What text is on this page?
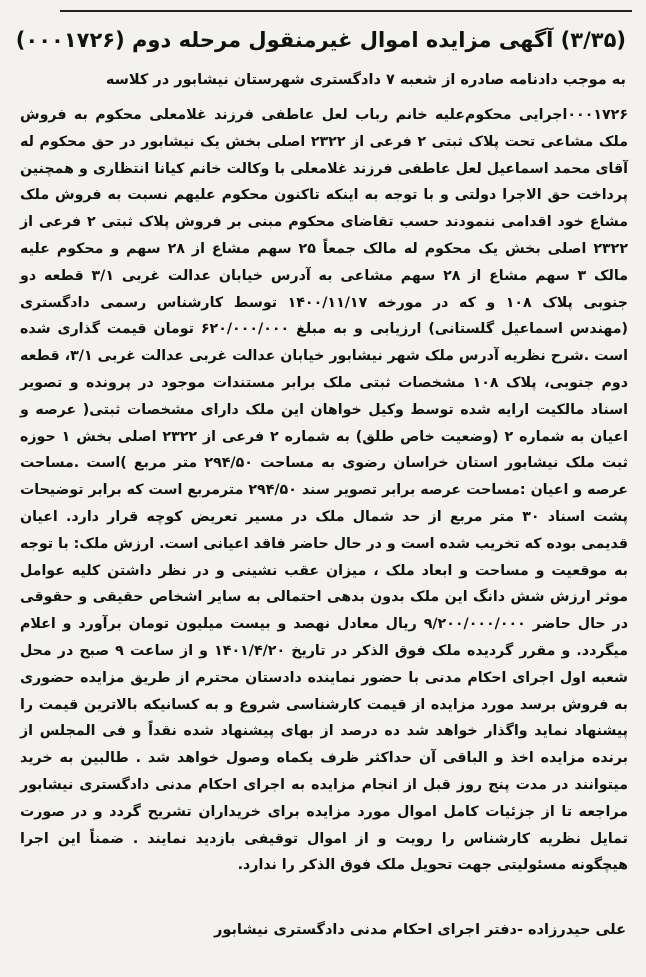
(۳/۳۵) آگهی مزایده اموال غیرمنقول مرحله دوم (۰۰۰۱۷۲۶)
به موجب دادنامه صادره از شعبه ۷ دادگستری شهرستان نیشابور در کلاسه
۰۰۰۱۷۲۶اجرایی محکوم‌علیه خانم رباب لعل عاطفی فرزند غلامعلی محکوم به فروش ملک مشاعی تحت پلاک ثبتی ۲ فرعی از ۲۳۲۲ اصلی بخش یک نیشابور در حق محکوم له آقای محمد اسماعیل لعل عاطفی فرزند غلامعلی با وکالت خانم کیانا انتظاری و همچنین پرداخت حق الاجرا دولتی و با توجه به اینکه تاکنون محکوم علیهم نسبت به فروش ملک مشاع خود اقدامی ننمودند حسب تقاضای محکوم مبنی بر فروش پلاک ثبتی ۲ فرعی از ۲۳۲۲ اصلی بخش یک محکوم له مالک جمعاً ۲۵ سهم مشاع از ۲۸ سهم و محکوم علیه مالک ۳ سهم مشاع از ۲۸ سهم مشاعی به آدرس خیابان عدالت غربی ۳/۱ قطعه دو جنوبی پلاک ۱۰۸ و که در مورخه ۱۴۰۰/۱۱/۱۷ توسط کارشناس رسمی دادگستری (مهندس اسماعیل گلستانی) ارزیابی و به مبلغ ۶۲۰/۰۰۰/۰۰۰ تومان قیمت گذاری شده است .شرح نظریه آدرس ملک شهر نیشابور خیابان عدالت غربی عدالت غربی ۳/۱، قطعه دوم جنوبی، پلاک ۱۰۸ مشخصات ثبتی ملک برابر مستندات موجود در پرونده و تصویر اسناد مالکیت ارایه شده توسط وکیل خواهان این ملک دارای مشخصات ثبتی( عرصه و اعیان به شماره ۲ (وضعیت خاص طلق) به شماره ۲ فرعی از ۲۳۲۲ اصلی بخش ۱ حوزه ثبت ملک نیشابور استان خراسان رضوی به مساحت ۲۹۴/۵۰ متر مربع )است .مساحت عرصه و اعیان :مساحت عرصه برابر تصویر سند ۲۹۴/۵۰ مترمربع است که برابر توضیحات پشت اسناد ۳۰ متر مربع از حد شمال ملک در مسیر تعریض کوچه قرار دارد. اعیان قدیمی بوده که تخریب شده است و در حال حاضر فاقد اعیانی است. ارزش ملک: با توجه به موقعیت و مساحت و ابعاد ملک ، میزان عقب نشینی و در نظر داشتن کلیه عوامل موثر ارزش شش دانگ این ملک بدون بدهی احتمالی به سایر اشخاص حقیقی و حقوقی در حال حاضر ۹/۲۰۰/۰۰۰/۰۰۰ ریال معادل نهصد و بیست میلیون تومان برآورد و اعلام میگردد. و مقرر گردیده ملک فوق الذکر در تاریخ ۱۴۰۱/۴/۲۰ و از ساعت ۹ صبح در محل شعبه اول اجرای احکام مدنی با حضور نماینده دادستان محترم از طریق مزایده حضوری به فروش برسد مورد مزایده از قیمت کارشناسی شروع و به کسانیکه بالاترین قیمت را پیشنهاد نماید واگذار خواهد شد ده درصد از بهای پیشنهاد شده نقداً و فی المجلس از برنده مزایده اخذ و الباقی آن حداکثر ظرف یکماه وصول خواهد شد . طالبین به خرید میتوانند در مدت پنج روز قبل از انجام مزایده به اجرای احکام مدنی دادگستری نیشابور مراجعه تا از جزئیات کامل اموال مورد مزایده برای خریداران تشریح گردد و در صورت تمایل نظریه کارشناس را رویت و از اموال توقیفی بازدید نمایند . ضمناً این اجرا هیچگونه مسئولیتی جهت تحویل ملک فوق الذکر را ندارد.
علی حیدرزاده -دفتر اجرای احکام مدنی دادگستری نیشابور
